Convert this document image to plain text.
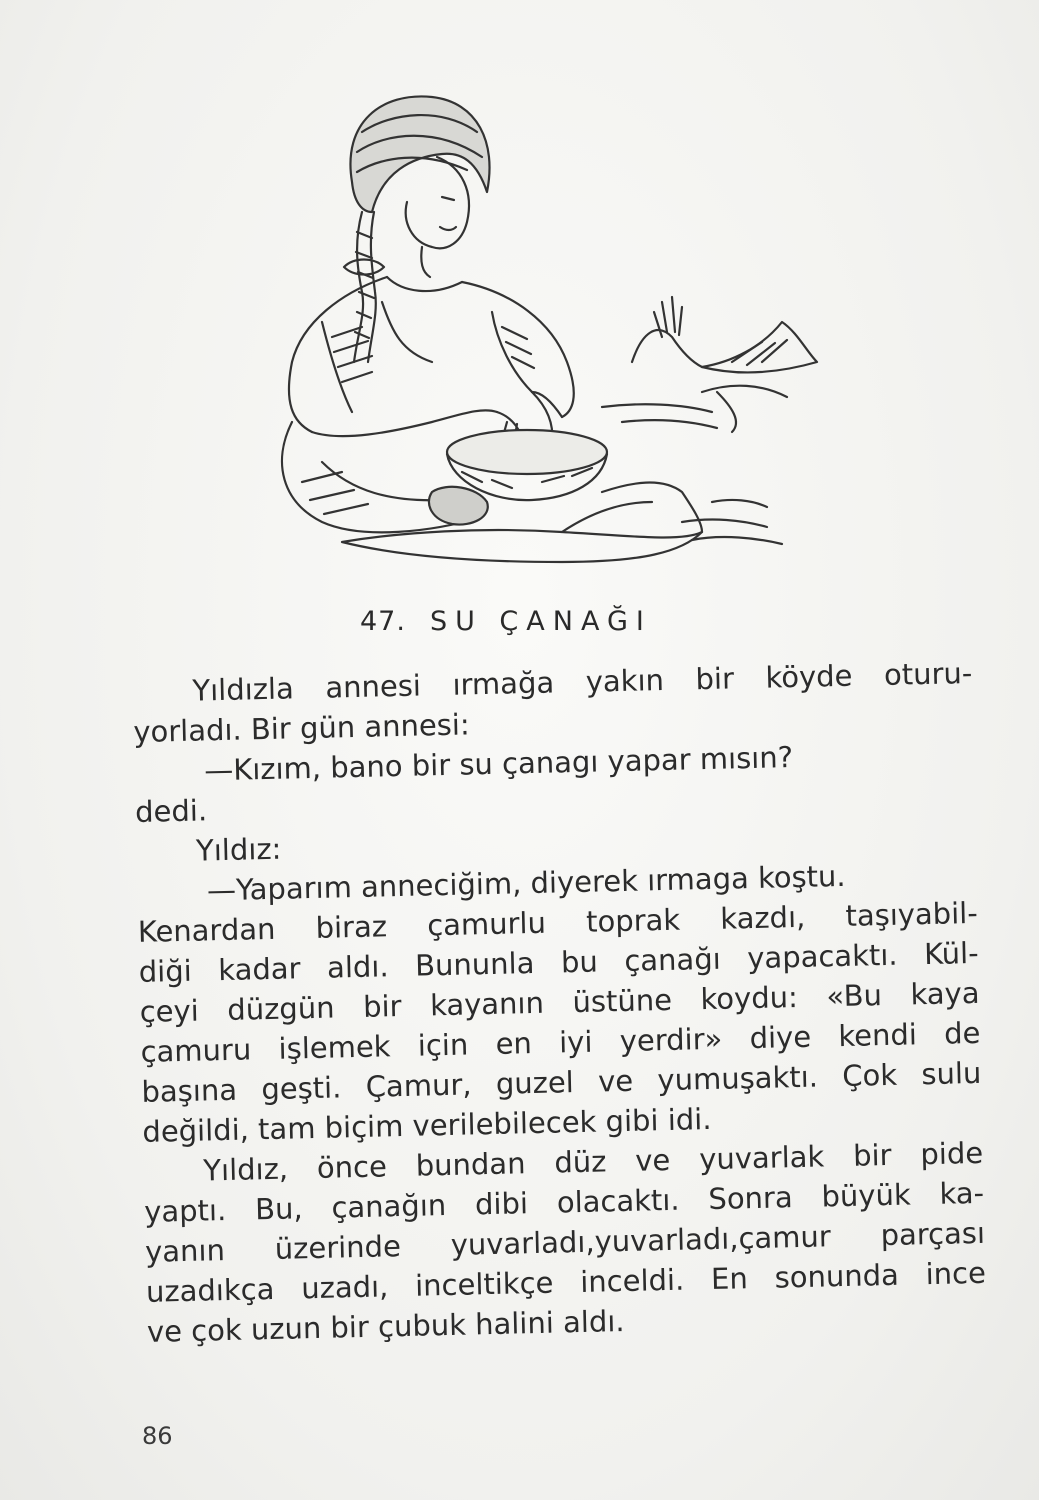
47. SU ÇANAĞI
Yıldızla annesi ırmağa yakın bir köyde oturu-
yorladı. Bir gün annesi:
—Kızım, bano bir su çanagı yapar mısın?
dedi.
Yıldız:
—Yaparım anneciğim, diyerek ırmaga koştu.
Kenardan biraz çamurlu toprak kazdı, taşıyabil-
diği kadar aldı. Bununla bu çanağı yapacaktı. Kül-
çeyi düzgün bir kayanın üstüne koydu: «Bu kaya
çamuru işlemek için en iyi yerdir» diye kendi de
başına geşti. Çamur, guzel ve yumuşaktı. Çok sulu
değildi, tam biçim verilebilecek gibi idi.
Yıldız, önce bundan düz ve yuvarlak bir pide
yaptı. Bu, çanağın dibi olacaktı. Sonra büyük ka-
yanın üzerinde yuvarladı,yuvarladı,çamur parçası
uzadıkça uzadı, inceltikçe inceldi. En sonunda ince
ve çok uzun bir çubuk halini aldı.
86
